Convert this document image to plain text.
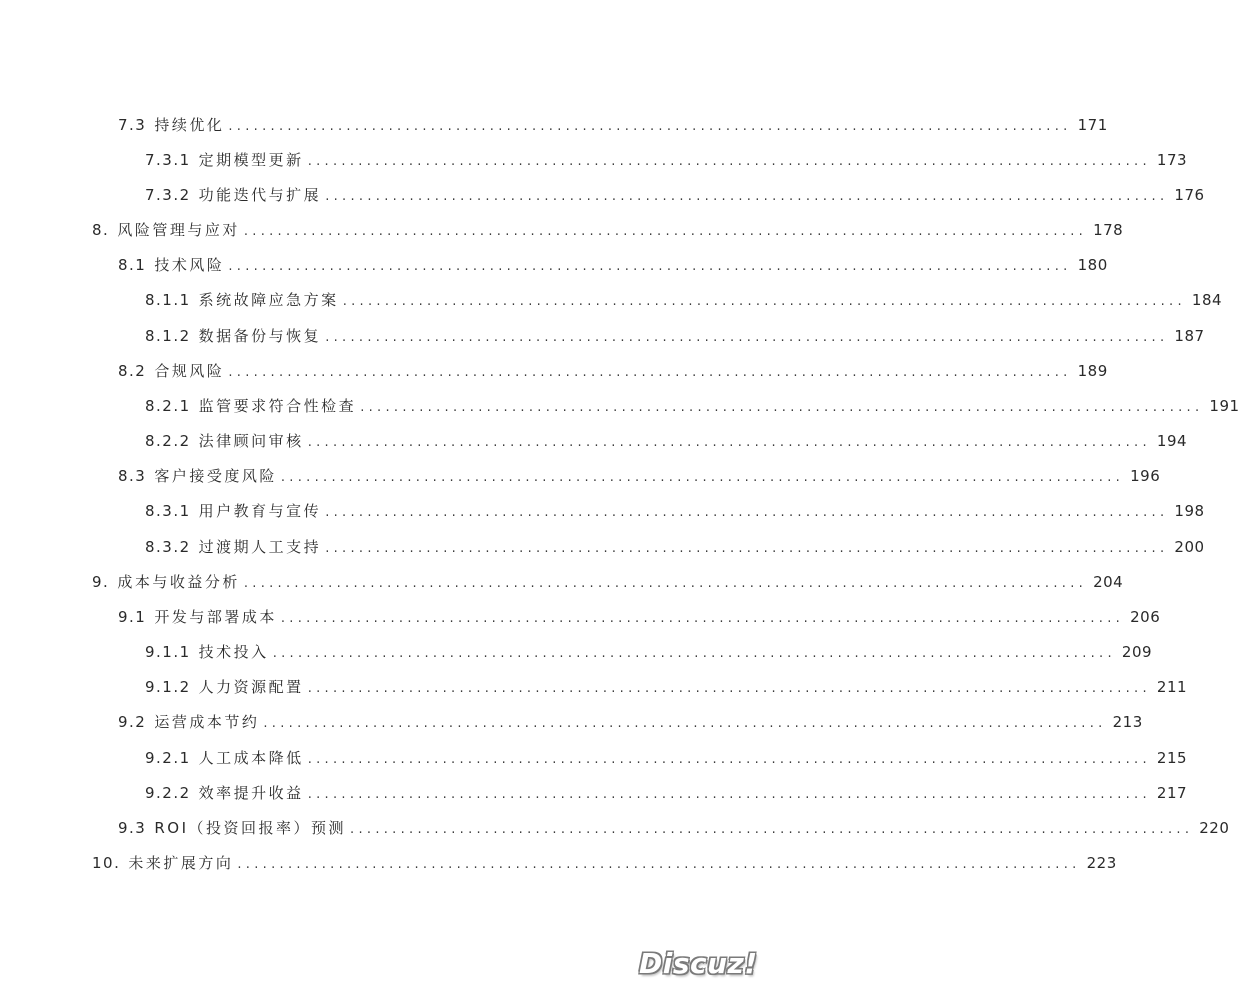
7.3 持续优化 .................................................................................................... 171
7.3.1 定期模型更新 .................................................................................................... 173
7.3.2 功能迭代与扩展 .................................................................................................... 176
8. 风险管理与应对 .................................................................................................... 178
8.1 技术风险 .................................................................................................... 180
8.1.1 系统故障应急方案 .................................................................................................... 184
8.1.2 数据备份与恢复 .................................................................................................... 187
8.2 合规风险 .................................................................................................... 189
8.2.1 监管要求符合性检查 .................................................................................................... 191
8.2.2 法律顾问审核 .................................................................................................... 194
8.3 客户接受度风险 .................................................................................................... 196
8.3.1 用户教育与宣传 .................................................................................................... 198
8.3.2 过渡期人工支持 .................................................................................................... 200
9. 成本与收益分析 .................................................................................................... 204
9.1 开发与部署成本 .................................................................................................... 206
9.1.1 技术投入 .................................................................................................... 209
9.1.2 人力资源配置 .................................................................................................... 211
9.2 运营成本节约 .................................................................................................... 213
9.2.1 人工成本降低 .................................................................................................... 215
9.2.2 效率提升收益 .................................................................................................... 217
9.3 ROI（投资回报率）预测 .................................................................................................... 220
10. 未来扩展方向 .................................................................................................... 223
Discuz!
